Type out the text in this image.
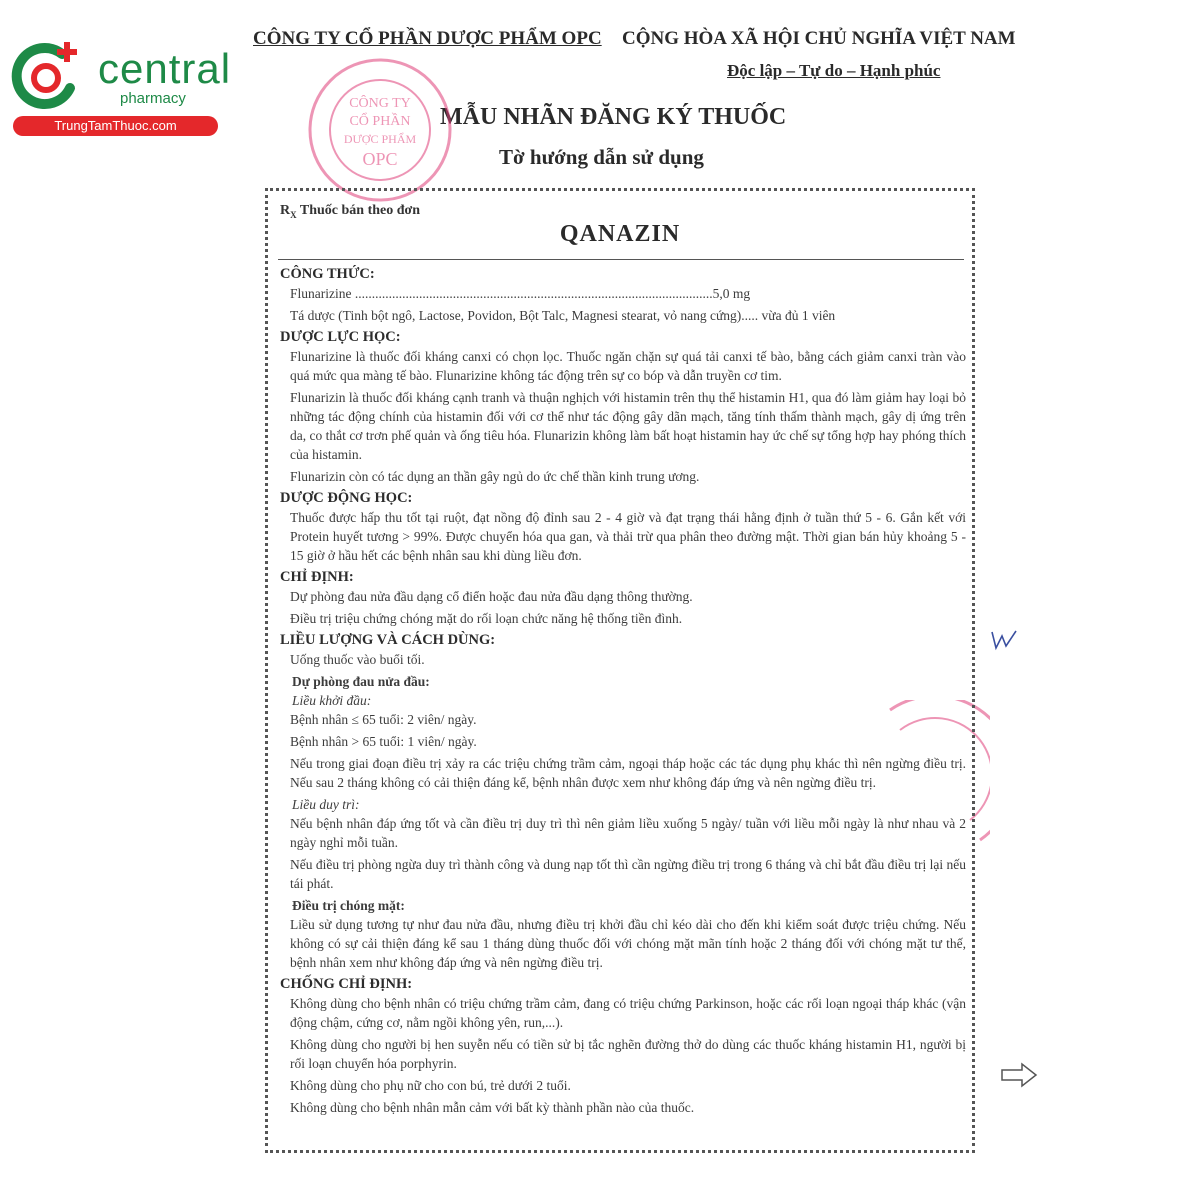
central
pharmacy
TrungTamThuoc.com
CÔNG TY CỔ PHẦN DƯỢC PHẨM OPC CỘNG HÒA XÃ HỘI CHỦ NGHĨA VIỆT NAM
Độc lập – Tự do – Hạnh phúc
MẪU NHÃN ĐĂNG KÝ THUỐC
Tờ hướng dẫn sử dụng
CÔNG TY
CỔ PHẦN
DƯỢC PHẨM
OPC
$R_X$ Thuốc bán theo đơn
QANAZIN
CÔNG THỨC:

Flunarizine ..........................................................................................................5,0 mg

Tá dược (Tinh bột ngô, Lactose, Povidon, Bột Talc, Magnesi stearat, vỏ nang cứng)..... vừa đủ 1 viên

DƯỢC LỰC HỌC:

Flunarizine là thuốc đối kháng canxi có chọn lọc. Thuốc ngăn chặn sự quá tải canxi tế bào, bằng cách giảm canxi tràn vào quá mức qua màng tế bào. Flunarizine không tác động trên sự co bóp và dẫn truyền cơ tim.

Flunarizin là thuốc đối kháng cạnh tranh và thuận nghịch với histamin trên thụ thể histamin H1, qua đó làm giảm hay loại bỏ những tác động chính của histamin đối với cơ thể như tác động gây dãn mạch, tăng tính thấm thành mạch, gây dị ứng trên da, co thắt cơ trơn phế quản và ống tiêu hóa. Flunarizin không làm bất hoạt histamin hay ức chế sự tổng hợp hay phóng thích của histamin.

Flunarizin còn có tác dụng an thần gây ngủ do ức chế thần kinh trung ương.

DƯỢC ĐỘNG HỌC:

Thuốc được hấp thu tốt tại ruột, đạt nồng độ đỉnh sau 2 - 4 giờ và đạt trạng thái hằng định ở tuần thứ 5 - 6. Gắn kết với Protein huyết tương > 99%. Được chuyển hóa qua gan, và thải trừ qua phân theo đường mật. Thời gian bán hủy khoảng 5 - 15 giờ ở hầu hết các bệnh nhân sau khi dùng liều đơn.

CHỈ ĐỊNH:

Dự phòng đau nửa đầu dạng cổ điển hoặc đau nửa đầu dạng thông thường.

Điều trị triệu chứng chóng mặt do rối loạn chức năng hệ thống tiền đình.

LIỀU LƯỢNG VÀ CÁCH DÙNG:

Uống thuốc vào buổi tối.

Dự phòng đau nửa đầu:
Liều khởi đầu:

Bệnh nhân ≤ 65 tuổi: 2 viên/ ngày.

Bệnh nhân > 65 tuổi: 1 viên/ ngày.

Nếu trong giai đoạn điều trị xảy ra các triệu chứng trầm cảm, ngoại tháp hoặc các tác dụng phụ khác thì nên ngừng điều trị. Nếu sau 2 tháng không có cải thiện đáng kể, bệnh nhân được xem như không đáp ứng và nên ngừng điều trị.

Liều duy trì:

Nếu bệnh nhân đáp ứng tốt và cần điều trị duy trì thì nên giảm liều xuống 5 ngày/ tuần với liều mỗi ngày là như nhau và 2 ngày nghỉ mỗi tuần.

Nếu điều trị phòng ngừa duy trì thành công và dung nạp tốt thì cần ngừng điều trị trong 6 tháng và chỉ bắt đầu điều trị lại nếu tái phát.

Điều trị chóng mặt:

Liều sử dụng tương tự như đau nửa đầu, nhưng điều trị khởi đầu chỉ kéo dài cho đến khi kiểm soát được triệu chứng. Nếu không có sự cải thiện đáng kể sau 1 tháng dùng thuốc đối với chóng mặt mãn tính hoặc 2 tháng đối với chóng mặt tư thế, bệnh nhân xem như không đáp ứng và nên ngừng điều trị.

CHỐNG CHỈ ĐỊNH:

Không dùng cho bệnh nhân có triệu chứng trầm cảm, đang có triệu chứng Parkinson, hoặc các rối loạn ngoại tháp khác (vận động chậm, cứng cơ, nằm ngồi không yên, run,...).

Không dùng cho người bị hen suyễn nếu có tiền sử bị tắc nghẽn đường thở do dùng các thuốc kháng histamin H1, người bị rối loạn chuyển hóa porphyrin.

Không dùng cho phụ nữ cho con bú, trẻ dưới 2 tuổi.

Không dùng cho bệnh nhân mẫn cảm với bất kỳ thành phần nào của thuốc.
